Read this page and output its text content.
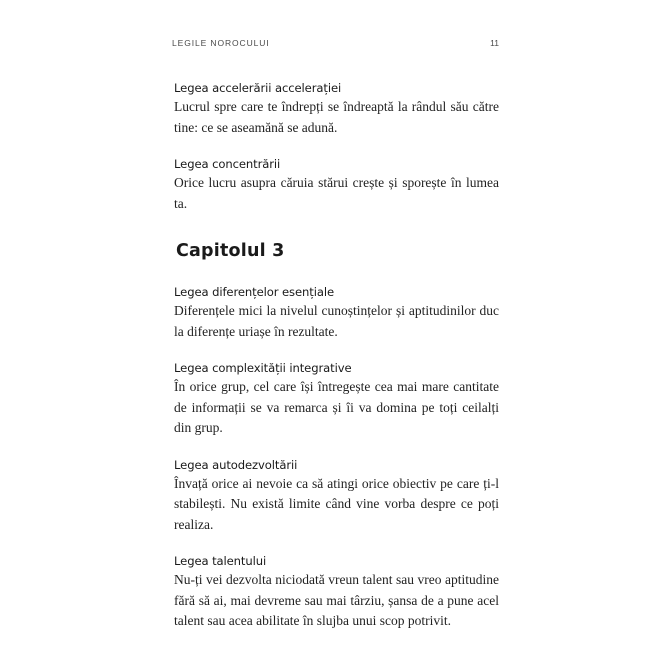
LEGILE NOROCULUI	11
Legea accelerării accelerației

Lucrul spre care te îndrepți se îndreaptă la rândul său către tine: ce se aseamănă se adună.

Legea concentrării

Orice lucru asupra căruia stărui crește și sporește în lumea ta.

Capitolul 3
Legea diferențelor esențiale

Diferențele mici la nivelul cunoștințelor și aptitudinilor duc la diferențe uriașe în rezultate.

Legea complexității integrative

În orice grup, cel care își întregește cea mai mare cantitate de informații se va remarca și îi va domina pe toți ceilalți din grup.

Legea autodezvoltării

Învață orice ai nevoie ca să atingi orice obiectiv pe care ți-l stabilești. Nu există limite când vine vorba despre ce poți realiza.

Legea talentului

Nu-ți vei dezvolta niciodată vreun talent sau vreo aptitudine fără să ai, mai devreme sau mai târziu, șansa de a pune acel talent sau acea abilitate în slujba unui scop potrivit.
